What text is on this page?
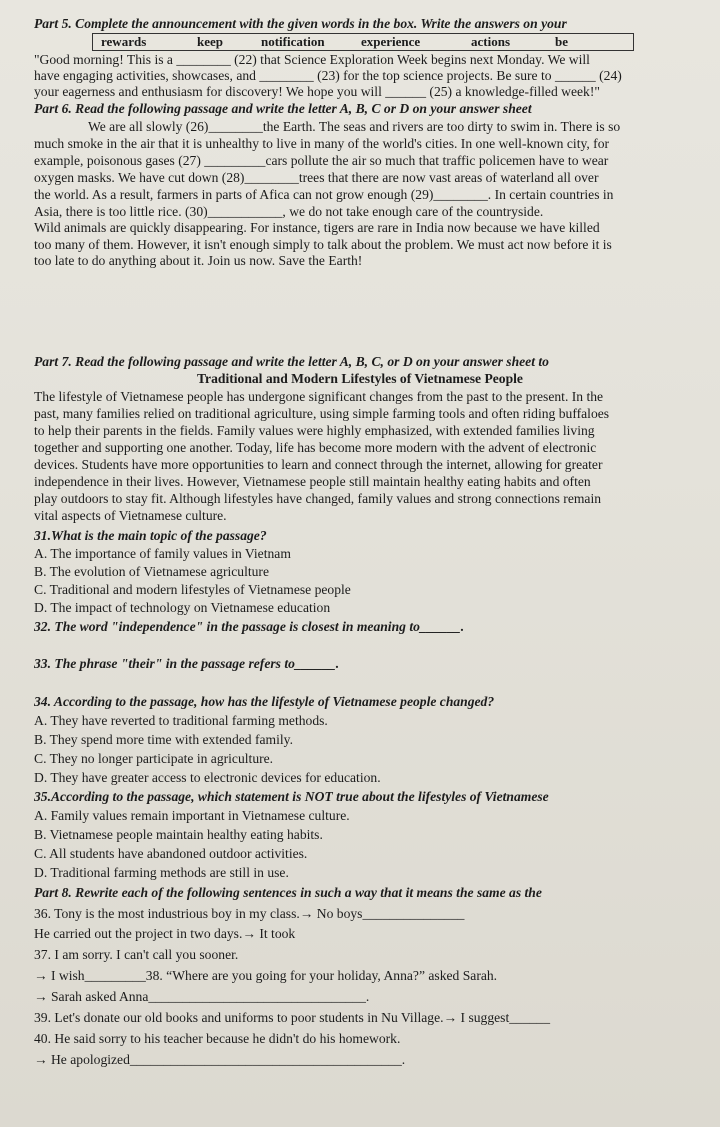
Part 5. Complete the announcement with the given words in the box. Write the answers on your
rewards	keep	notification	experience	actions	be
"Good morning! This is a ________ (22) that Science Exploration Week begins next Monday. We will
have engaging activities, showcases, and ________ (23) for the top science projects. Be sure to ______ (24)
your eagerness and enthusiasm for discovery! We hope you will ______ (25) a knowledge-filled week!"
Part 6. Read the following passage and write the letter A, B, C or D on your answer sheet
We are all slowly (26)________the Earth. The seas and rivers are too dirty to swim in. There is so
much smoke in the air that it is unhealthy to live in many of the world's cities. In one well-known city, for
example, poisonous gases (27) _________cars pollute the air so much that traffic policemen have to wear
oxygen masks. We have cut down (28)________trees that there are now vast areas of waterland all over
the world. As a result, farmers in parts of Afica can not grow enough (29)________. In certain countries in
Asia, there is too little rice. (30)___________, we do not take enough care of the countryside.
Wild animals are quickly disappearing. For instance, tigers are rare in India now because we have killed
too many of them. However, it isn't enough simply to talk about the problem. We must act now before it is
too late to do anything about it. Join us now. Save the Earth!
Part 7. Read the following passage and write the letter A, B, C, or D on your answer sheet to
Traditional and Modern Lifestyles of Vietnamese People
The lifestyle of Vietnamese people has undergone significant changes from the past to the present. In the
past, many families relied on traditional agriculture, using simple farming tools and often riding buffaloes
to help their parents in the fields. Family values were highly emphasized, with extended families living
together and supporting one another. Today, life has become more modern with the advent of electronic
devices. Students have more opportunities to learn and connect through the internet, allowing for greater
independence in their lives. However, Vietnamese people still maintain healthy eating habits and often
play outdoors to stay fit. Although lifestyles have changed, family values and strong connections remain
vital aspects of Vietnamese culture.
31.What is the main topic of the passage?
A. The importance of family values in Vietnam
B. The evolution of Vietnamese agriculture
C. Traditional and modern lifestyles of Vietnamese people
D. The impact of technology on Vietnamese education
32. The word "independence" in the passage is closest in meaning to______.
33. The phrase "their" in the passage refers to______.
34. According to the passage, how has the lifestyle of Vietnamese people changed?
A. They have reverted to traditional farming methods.
B. They spend more time with extended family.
C. They no longer participate in agriculture.
D. They have greater access to electronic devices for education.
35.According to the passage, which statement is NOT true about the lifestyles of Vietnamese
A. Family values remain important in Vietnamese culture.
B. Vietnamese people maintain healthy eating habits.
C. All students have abandoned outdoor activities.
D. Traditional farming methods are still in use.
Part 8. Rewrite each of the following sentences in such a way that it means the same as the
36. Tony is the most industrious boy in my class.→ No boys_______________
He carried out the project in two days.→ It took
37. I am sorry. I can't call you sooner.
→ I wish_________38. “Where are you going for your holiday, Anna?” asked Sarah.
→ Sarah asked Anna________________________________.
39. Let's donate our old books and uniforms to poor students in Nu Village.→ I suggest______
40. He said sorry to his teacher because he didn't do his homework.
→ He apologized________________________________________.
